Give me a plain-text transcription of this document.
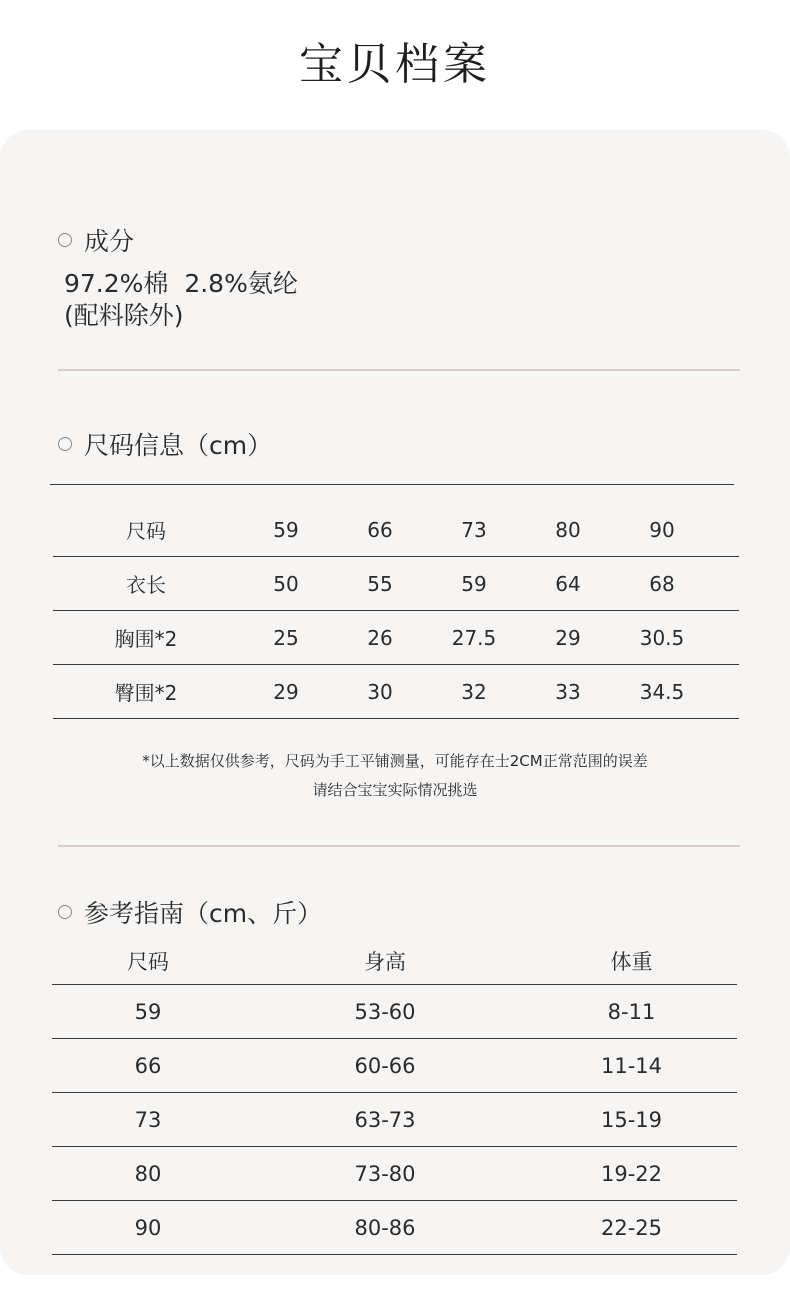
宝贝档案
成分
97.2%棉  2.8%氨纶
(配料除外)
尺码信息（cm）
尺码	59	66	73	80	90	
衣长	50	55	59	64	68	
胸围*2	25	26	27.5	29	30.5	
臀围*2	29	30	32	33	34.5	
*以上数据仅供参考，尺码为手工平铺测量，可能存在士2CM正常范围的误差
请结合宝宝实际情况挑选
参考指南（cm、斤）
尺码	身高	体重
59	53-60	8-11
66	60-66	11-14
73	63-73	15-19
80	73-80	19-22
90	80-86	22-25
